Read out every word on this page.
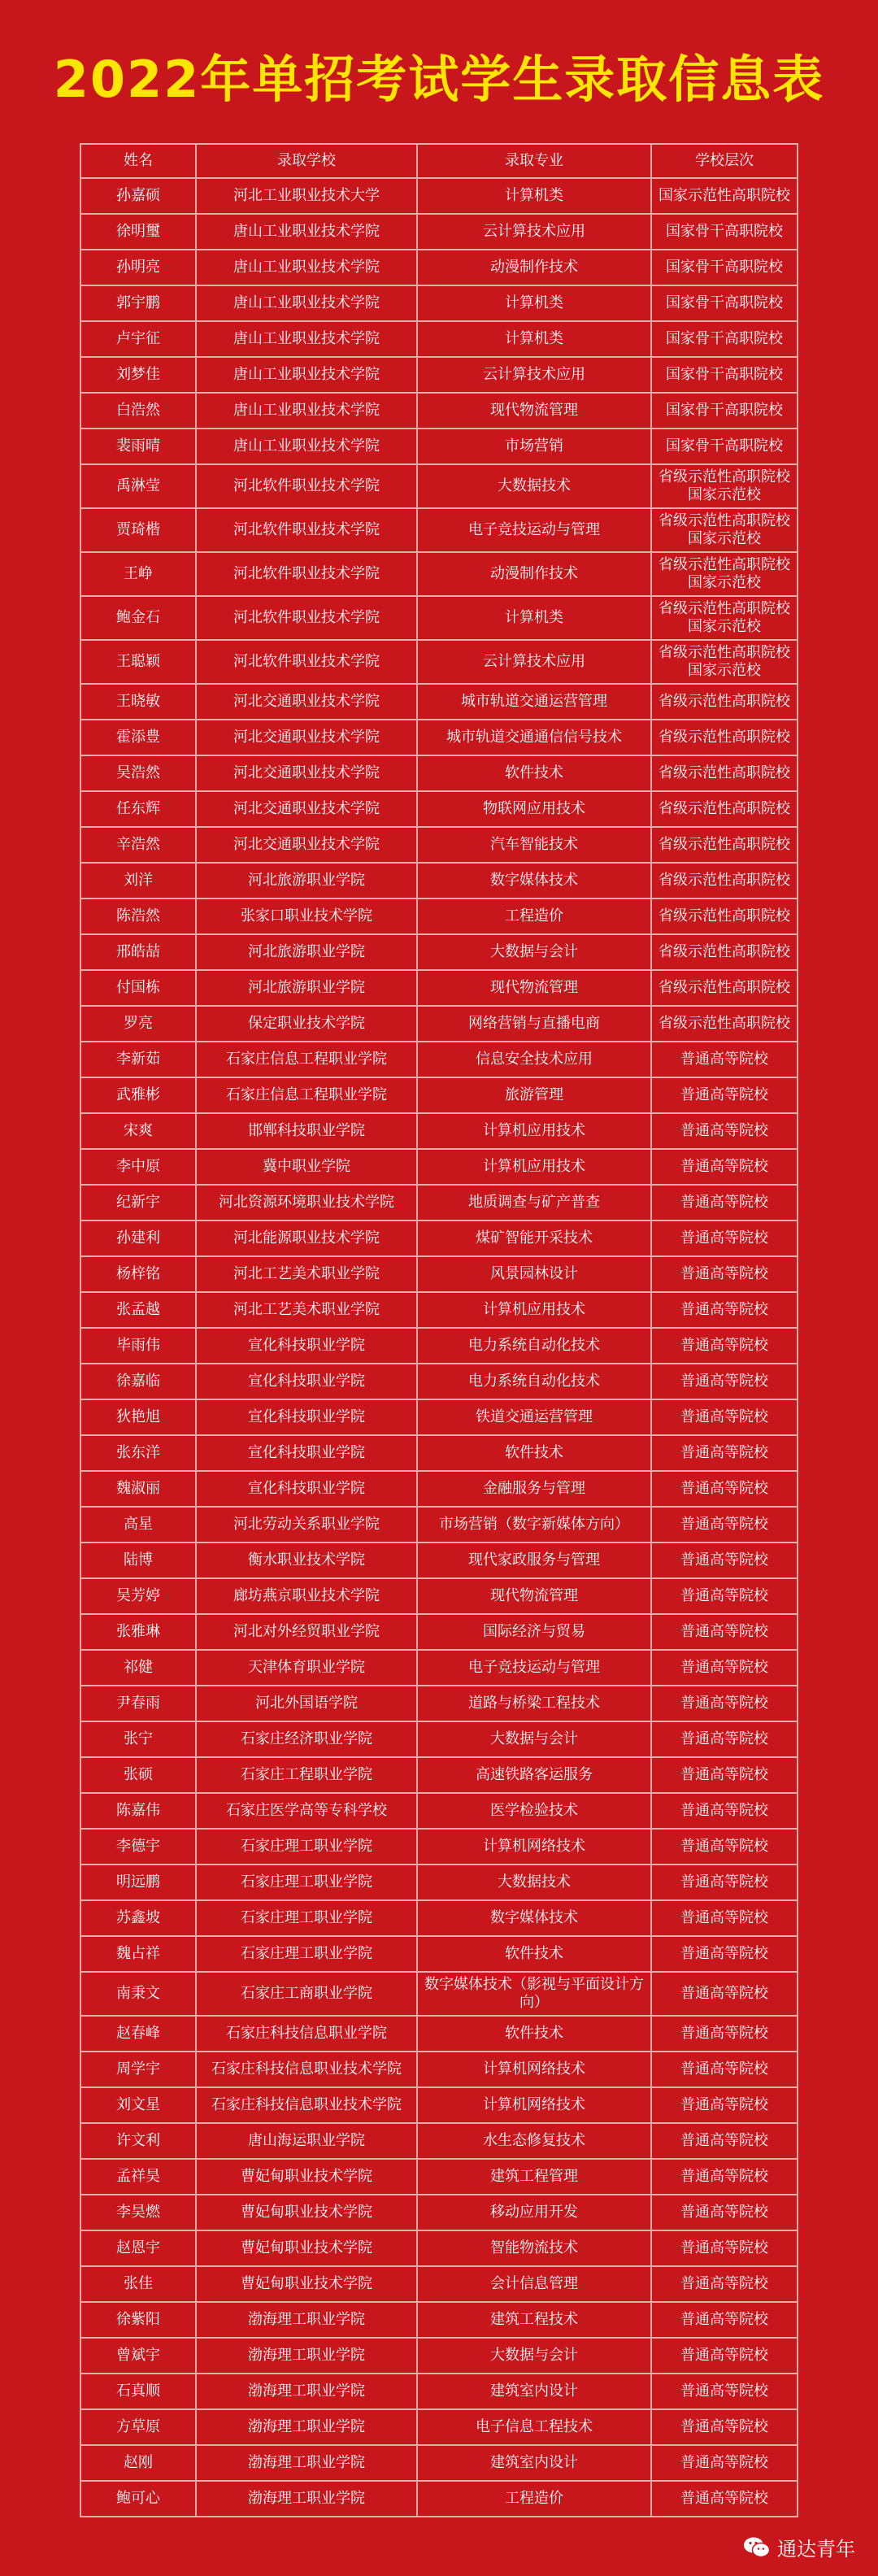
2022年单招考试学生录取信息表
姓名	录取学校	录取专业	学校层次
孙嘉硕	河北工业职业技术大学	计算机类	国家示范性高职院校
徐明璽	唐山工业职业技术学院	云计算技术应用	国家骨干高职院校
孙明亮	唐山工业职业技术学院	动漫制作技术	国家骨干高职院校
郭宇鹏	唐山工业职业技术学院	计算机类	国家骨干高职院校
卢宇征	唐山工业职业技术学院	计算机类	国家骨干高职院校
刘梦佳	唐山工业职业技术学院	云计算技术应用	国家骨干高职院校
白浩然	唐山工业职业技术学院	现代物流管理	国家骨干高职院校
裴雨晴	唐山工业职业技术学院	市场营销	国家骨干高职院校
禹淋莹	河北软件职业技术学院	大数据技术	省级示范性高职院校 国家示范校
贾琦楷	河北软件职业技术学院	电子竞技运动与管理	省级示范性高职院校 国家示范校
王峥	河北软件职业技术学院	动漫制作技术	省级示范性高职院校 国家示范校
鲍金石	河北软件职业技术学院	计算机类	省级示范性高职院校 国家示范校
王聪颖	河北软件职业技术学院	云计算技术应用	省级示范性高职院校 国家示范校
王晓敏	河北交通职业技术学院	城市轨道交通运营管理	省级示范性高职院校
霍添豊	河北交通职业技术学院	城市轨道交通通信信号技术	省级示范性高职院校
吴浩然	河北交通职业技术学院	软件技术	省级示范性高职院校
任东辉	河北交通职业技术学院	物联网应用技术	省级示范性高职院校
辛浩然	河北交通职业技术学院	汽车智能技术	省级示范性高职院校
刘洋	河北旅游职业学院	数字媒体技术	省级示范性高职院校
陈浩然	张家口职业技术学院	工程造价	省级示范性高职院校
邢皓喆	河北旅游职业学院	大数据与会计	省级示范性高职院校
付国栋	河北旅游职业学院	现代物流管理	省级示范性高职院校
罗亮	保定职业技术学院	网络营销与直播电商	省级示范性高职院校
李新茹	石家庄信息工程职业学院	信息安全技术应用	普通高等院校
武雅彬	石家庄信息工程职业学院	旅游管理	普通高等院校
宋爽	邯郸科技职业学院	计算机应用技术	普通高等院校
李中原	冀中职业学院	计算机应用技术	普通高等院校
纪新宇	河北资源环境职业技术学院	地质调查与矿产普查	普通高等院校
孙建利	河北能源职业技术学院	煤矿智能开采技术	普通高等院校
杨梓铭	河北工艺美术职业学院	风景园林设计	普通高等院校
张孟越	河北工艺美术职业学院	计算机应用技术	普通高等院校
毕雨伟	宣化科技职业学院	电力系统自动化技术	普通高等院校
徐嘉临	宣化科技职业学院	电力系统自动化技术	普通高等院校
狄艳旭	宣化科技职业学院	铁道交通运营管理	普通高等院校
张东洋	宣化科技职业学院	软件技术	普通高等院校
魏淑丽	宣化科技职业学院	金融服务与管理	普通高等院校
高星	河北劳动关系职业学院	市场营销（数字新媒体方向）	普通高等院校
陆博	衡水职业技术学院	现代家政服务与管理	普通高等院校
吴芳婷	廊坊燕京职业技术学院	现代物流管理	普通高等院校
张雅琳	河北对外经贸职业学院	国际经济与贸易	普通高等院校
祁健	天津体育职业学院	电子竞技运动与管理	普通高等院校
尹春雨	河北外国语学院	道路与桥梁工程技术	普通高等院校
张宁	石家庄经济职业学院	大数据与会计	普通高等院校
张硕	石家庄工程职业学院	高速铁路客运服务	普通高等院校
陈嘉伟	石家庄医学高等专科学校	医学检验技术	普通高等院校
李德宇	石家庄理工职业学院	计算机网络技术	普通高等院校
明远鹏	石家庄理工职业学院	大数据技术	普通高等院校
苏鑫坡	石家庄理工职业学院	数字媒体技术	普通高等院校
魏占祥	石家庄理工职业学院	软件技术	普通高等院校
南秉文	石家庄工商职业学院	数字媒体技术（影视与平面设计方向）	普通高等院校
赵春峰	石家庄科技信息职业学院	软件技术	普通高等院校
周学宇	石家庄科技信息职业技术学院	计算机网络技术	普通高等院校
刘文星	石家庄科技信息职业技术学院	计算机网络技术	普通高等院校
许文利	唐山海运职业学院	水生态修复技术	普通高等院校
孟祥昊	曹妃甸职业技术学院	建筑工程管理	普通高等院校
李昊燃	曹妃甸职业技术学院	移动应用开发	普通高等院校
赵恩宇	曹妃甸职业技术学院	智能物流技术	普通高等院校
张佳	曹妃甸职业技术学院	会计信息管理	普通高等院校
徐紫阳	渤海理工职业学院	建筑工程技术	普通高等院校
曾斌宇	渤海理工职业学院	大数据与会计	普通高等院校
石真顺	渤海理工职业学院	建筑室内设计	普通高等院校
方草原	渤海理工职业学院	电子信息工程技术	普通高等院校
赵刚	渤海理工职业学院	建筑室内设计	普通高等院校
鲍可心	渤海理工职业学院	工程造价	普通高等院校
通达青年
